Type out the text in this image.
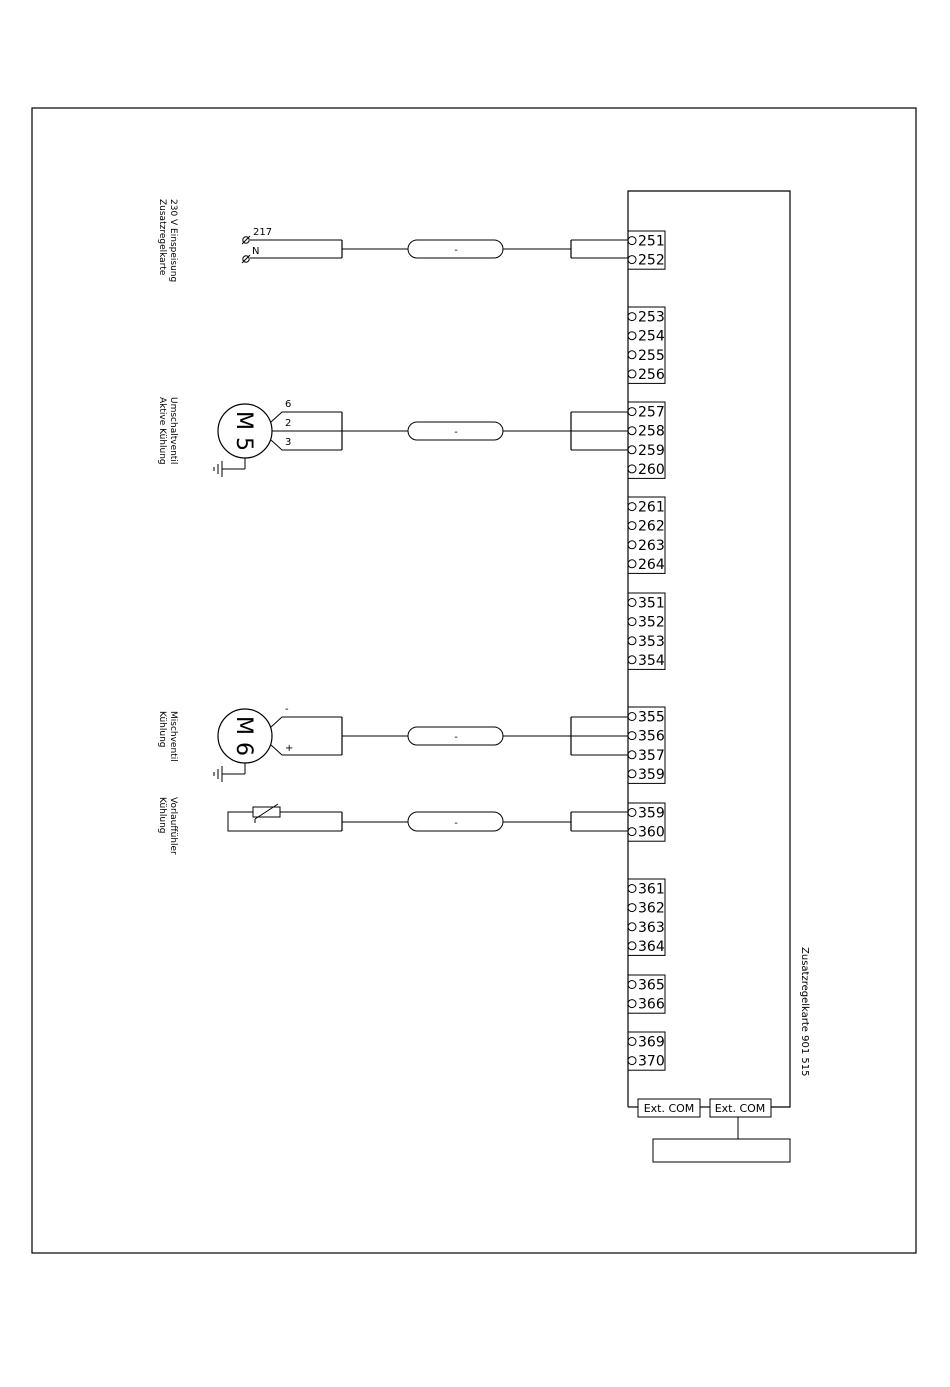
Zusatzregelkarte 901 515
Ext. COM Ext. COM
251
252
253
254
255
256
257
258
259
260
261
262
263
264
351
352
353
354
355
356
357
359
359
360
361
362
363
364
365
366
369
370
230 V Einspeisung
Zusatzregelkarte	217
N	-
Umschaltventil
Aktive Kühlung	M 5
6
2
3
-
Mischventil
Kühlung	M 6
-
+
-
Vorlauffühler
Kühlung	-
